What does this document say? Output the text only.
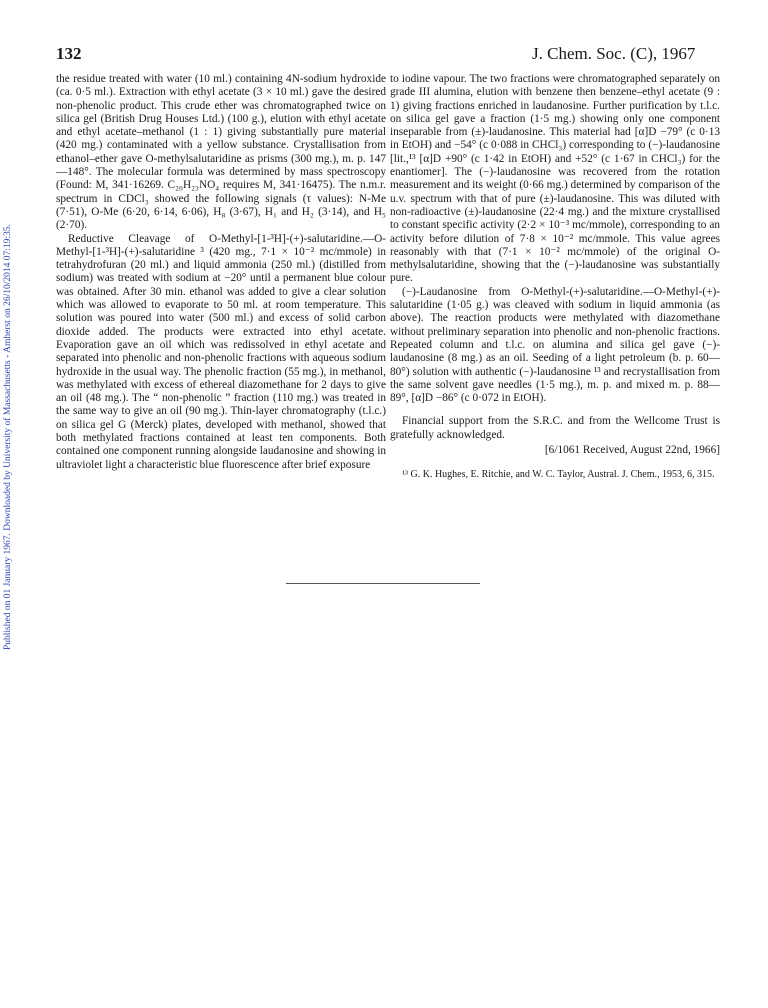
Published on 01 January 1967. Downloaded by University of Massachusetts - Amherst on 26/10/2014 07:19:35.
132	J. Chem. Soc. (C), 1967

the residue treated with water (10 ml.) containing 4N-sodium hydroxide (ca. 0·5 ml.). Extraction with ethyl acetate (3 × 10 ml.) gave the desired non-phenolic product. This crude ether was chromatographed twice on silica gel (British Drug Houses Ltd.) (100 g.), elution with ethyl acetate and ethyl acetate–methanol (1 : 1) giving substantially pure material (420 mg.) contaminated with a yellow substance. Crystallisation from ethanol–ether gave O-methylsalutaridine as prisms (300 mg.), m. p. 147—148°. The molecular formula was determined by mass spectroscopy (Found: M, 341·16269. C₂₀H₂₃NO₄ requires M, 341·16475). The n.m.r. spectrum in CDCl₃ showed the following signals (τ values): N-Me (7·51), O-Me (6·20, 6·14, 6·06), H₈ (3·67), H₁ and H₂ (3·14), and H₅ (2·70).

Reductive Cleavage of O-Methyl-[1-³H]-(+)-salutaridine.—O-Methyl-[1-³H]-(+)-salutaridine ³ (420 mg., 7·1 × 10⁻² mc/mmole) in tetrahydrofuran (20 ml.) and liquid ammonia (250 ml.) (distilled from sodium) was treated with sodium at −20° until a permanent blue colour was obtained. After 30 min. ethanol was added to give a clear solution which was allowed to evaporate to 50 ml. at room temperature. This solution was poured into water (500 ml.) and excess of solid carbon dioxide added. The products were extracted into ethyl acetate. Evaporation gave an oil which was redissolved in ethyl acetate and separated into phenolic and non-phenolic fractions with aqueous sodium hydroxide in the usual way. The phenolic fraction (55 mg.), in methanol, was methylated with excess of ethereal diazomethane for 2 days to give an oil (48 mg.). The “ non-phenolic ” fraction (110 mg.) was treated in the same way to give an oil (90 mg.). Thin-layer chromatography (t.l.c.) on silica gel G (Merck) plates, developed with methanol, showed that both methylated fractions contained at least ten components. Both contained one component running alongside laudanosine and showing in ultraviolet light a characteristic blue fluorescence after brief exposure

to iodine vapour. The two fractions were chromatographed separately on grade III alumina, elution with benzene then benzene–ethyl acetate (9 : 1) giving fractions enriched in laudanosine. Further purification by t.l.c. on silica gel gave a fraction (1·5 mg.) showing only one component inseparable from (±)-laudanosine. This material had [α]D −79° (c 0·13 in EtOH) and −54° (c 0·088 in CHCl₃) corresponding to (−)-laudanosine [lit.,¹³ [α]D +90° (c 1·42 in EtOH) and +52° (c 1·67 in CHCl₃) for the enantiomer]. The (−)-laudanosine was recovered from the rotation measurement and its weight (0·66 mg.) determined by comparison of the u.v. spectrum with that of pure (±)-laudanosine. This was diluted with non-radioactive (±)-laudanosine (22·4 mg.) and the mixture crystallised to constant specific activity (2·2 × 10⁻³ mc/mmole), corresponding to an activity before dilution of 7·8 × 10⁻² mc/mmole. This value agrees reasonably with that (7·1 × 10⁻² mc/mmole) of the original O-methylsalutaridine, showing that the (−)-laudanosine was substantially pure.

(−)-Laudanosine from O-Methyl-(+)-salutaridine.—O-Methyl-(+)-salutaridine (1·05 g.) was cleaved with sodium in liquid ammonia (as above). The reaction products were methylated with diazomethane without preliminary separation into phenolic and non-phenolic fractions. Repeated column and t.l.c. on alumina and silica gel gave (−)-laudanosine (8 mg.) as an oil. Seeding of a light petroleum (b. p. 60—80°) solution with authentic (−)-laudanosine ¹³ and recrystallisation from the same solvent gave needles (1·5 mg.), m. p. and mixed m. p. 88—89°, [α]D −86° (c 0·072 in EtOH).

Financial support from the S.R.C. and from the Wellcome Trust is gratefully acknowledged.

[6/1061 Received, August 22nd, 1966]

¹³ G. K. Hughes, E. Ritchie, and W. C. Taylor, Austral. J. Chem., 1953, 6, 315.
